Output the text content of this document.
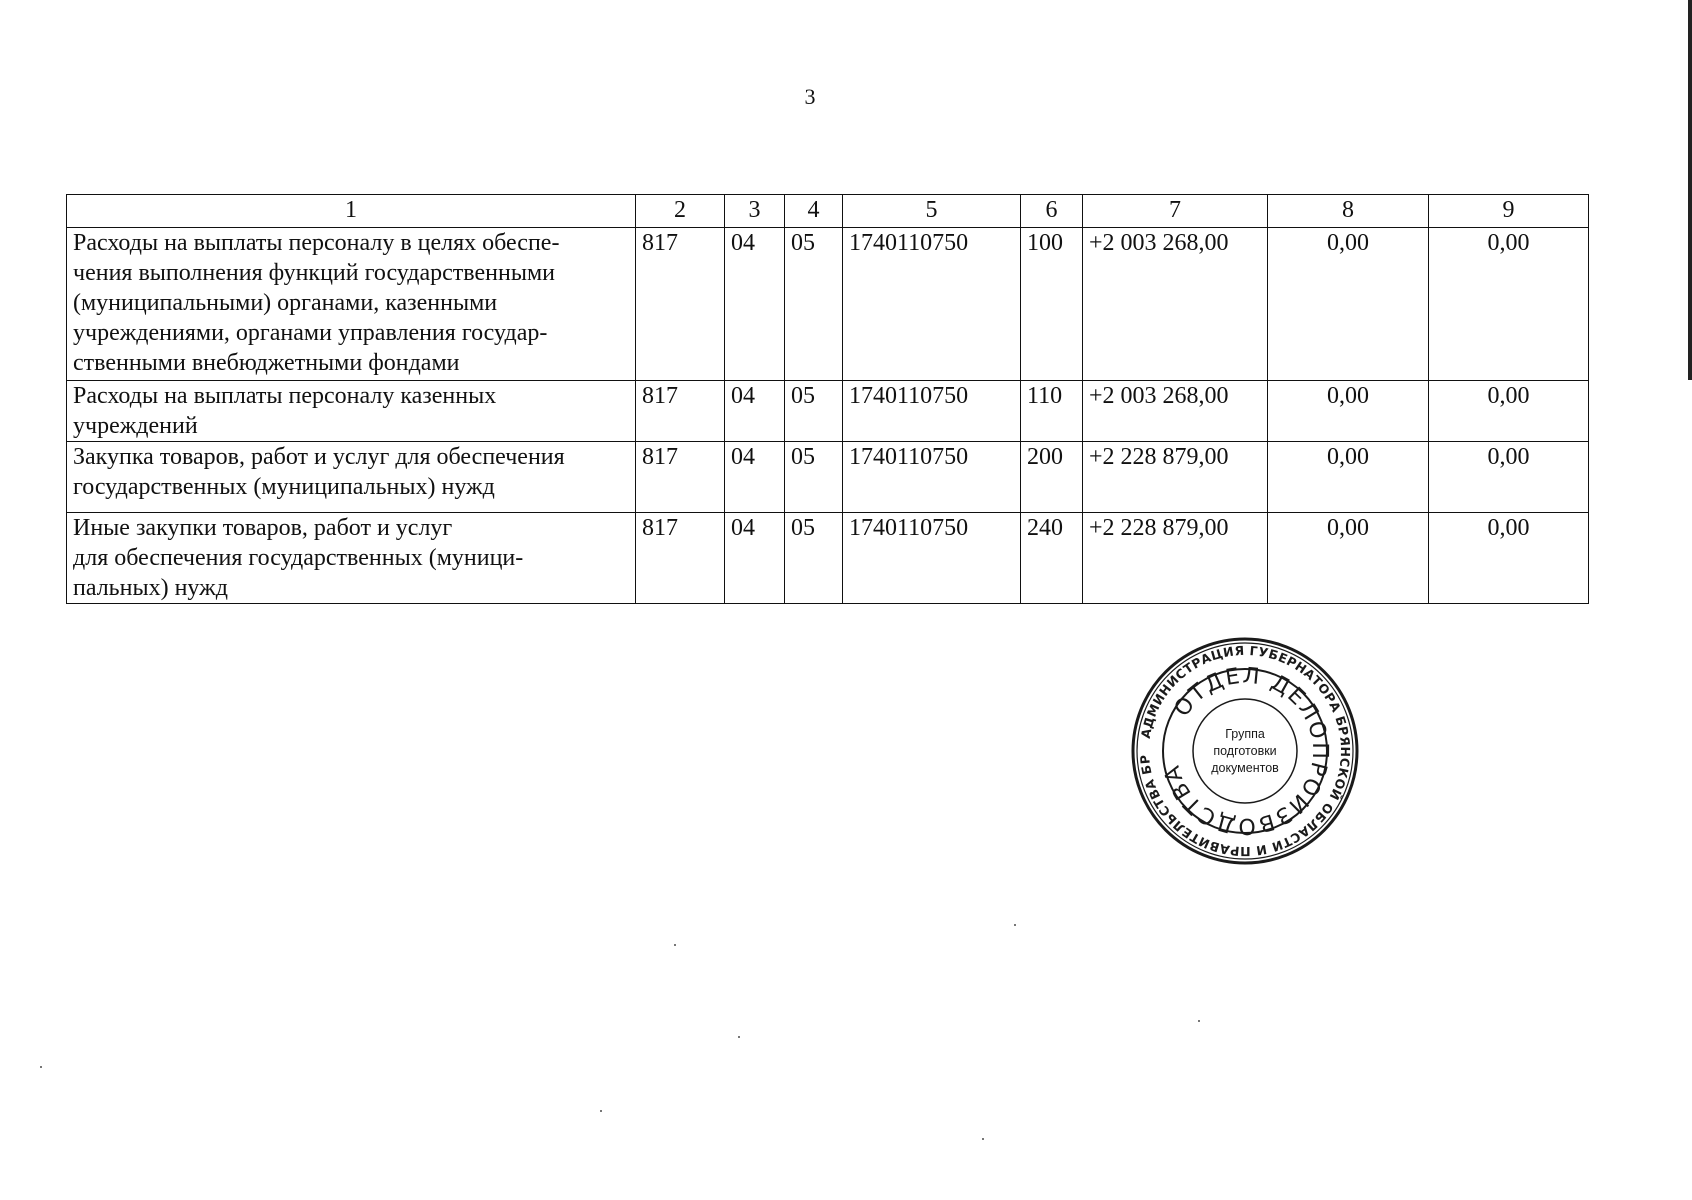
3
1	2	3	4	5	6	7	8	9
Расходы на выплаты персоналу в целях обеспе-
чения выполнения функций государственными
(муниципальными) органами, казенными
учреждениями, органами управления государ-
ственными внебюджетными фондами	817	04	05	1740110750	100	+2 003 268,00	0,00	0,00
Расходы на выплаты персоналу казенных
учреждений	817	04	05	1740110750	110	+2 003 268,00	0,00	0,00
Закупка товаров, работ и услуг для обеспечения
государственных (муниципальных) нужд	817	04	05	1740110750	200	+2 228 879,00	0,00	0,00
Иные закупки товаров, работ и услуг
для обеспечения государственных (муници-
пальных) нужд	817	04	05	1740110750	240	+2 228 879,00	0,00	0,00
АДМИНИСТРАЦИЯ ГУБЕРНАТОРА БРЯНСКОЙ ОБЛАСТИ И ПРАВИТЕЛЬСТВА БР
ОТДЕЛ ДЕЛОПРОИЗВОДСТВА
Группа
подготовки
документов
